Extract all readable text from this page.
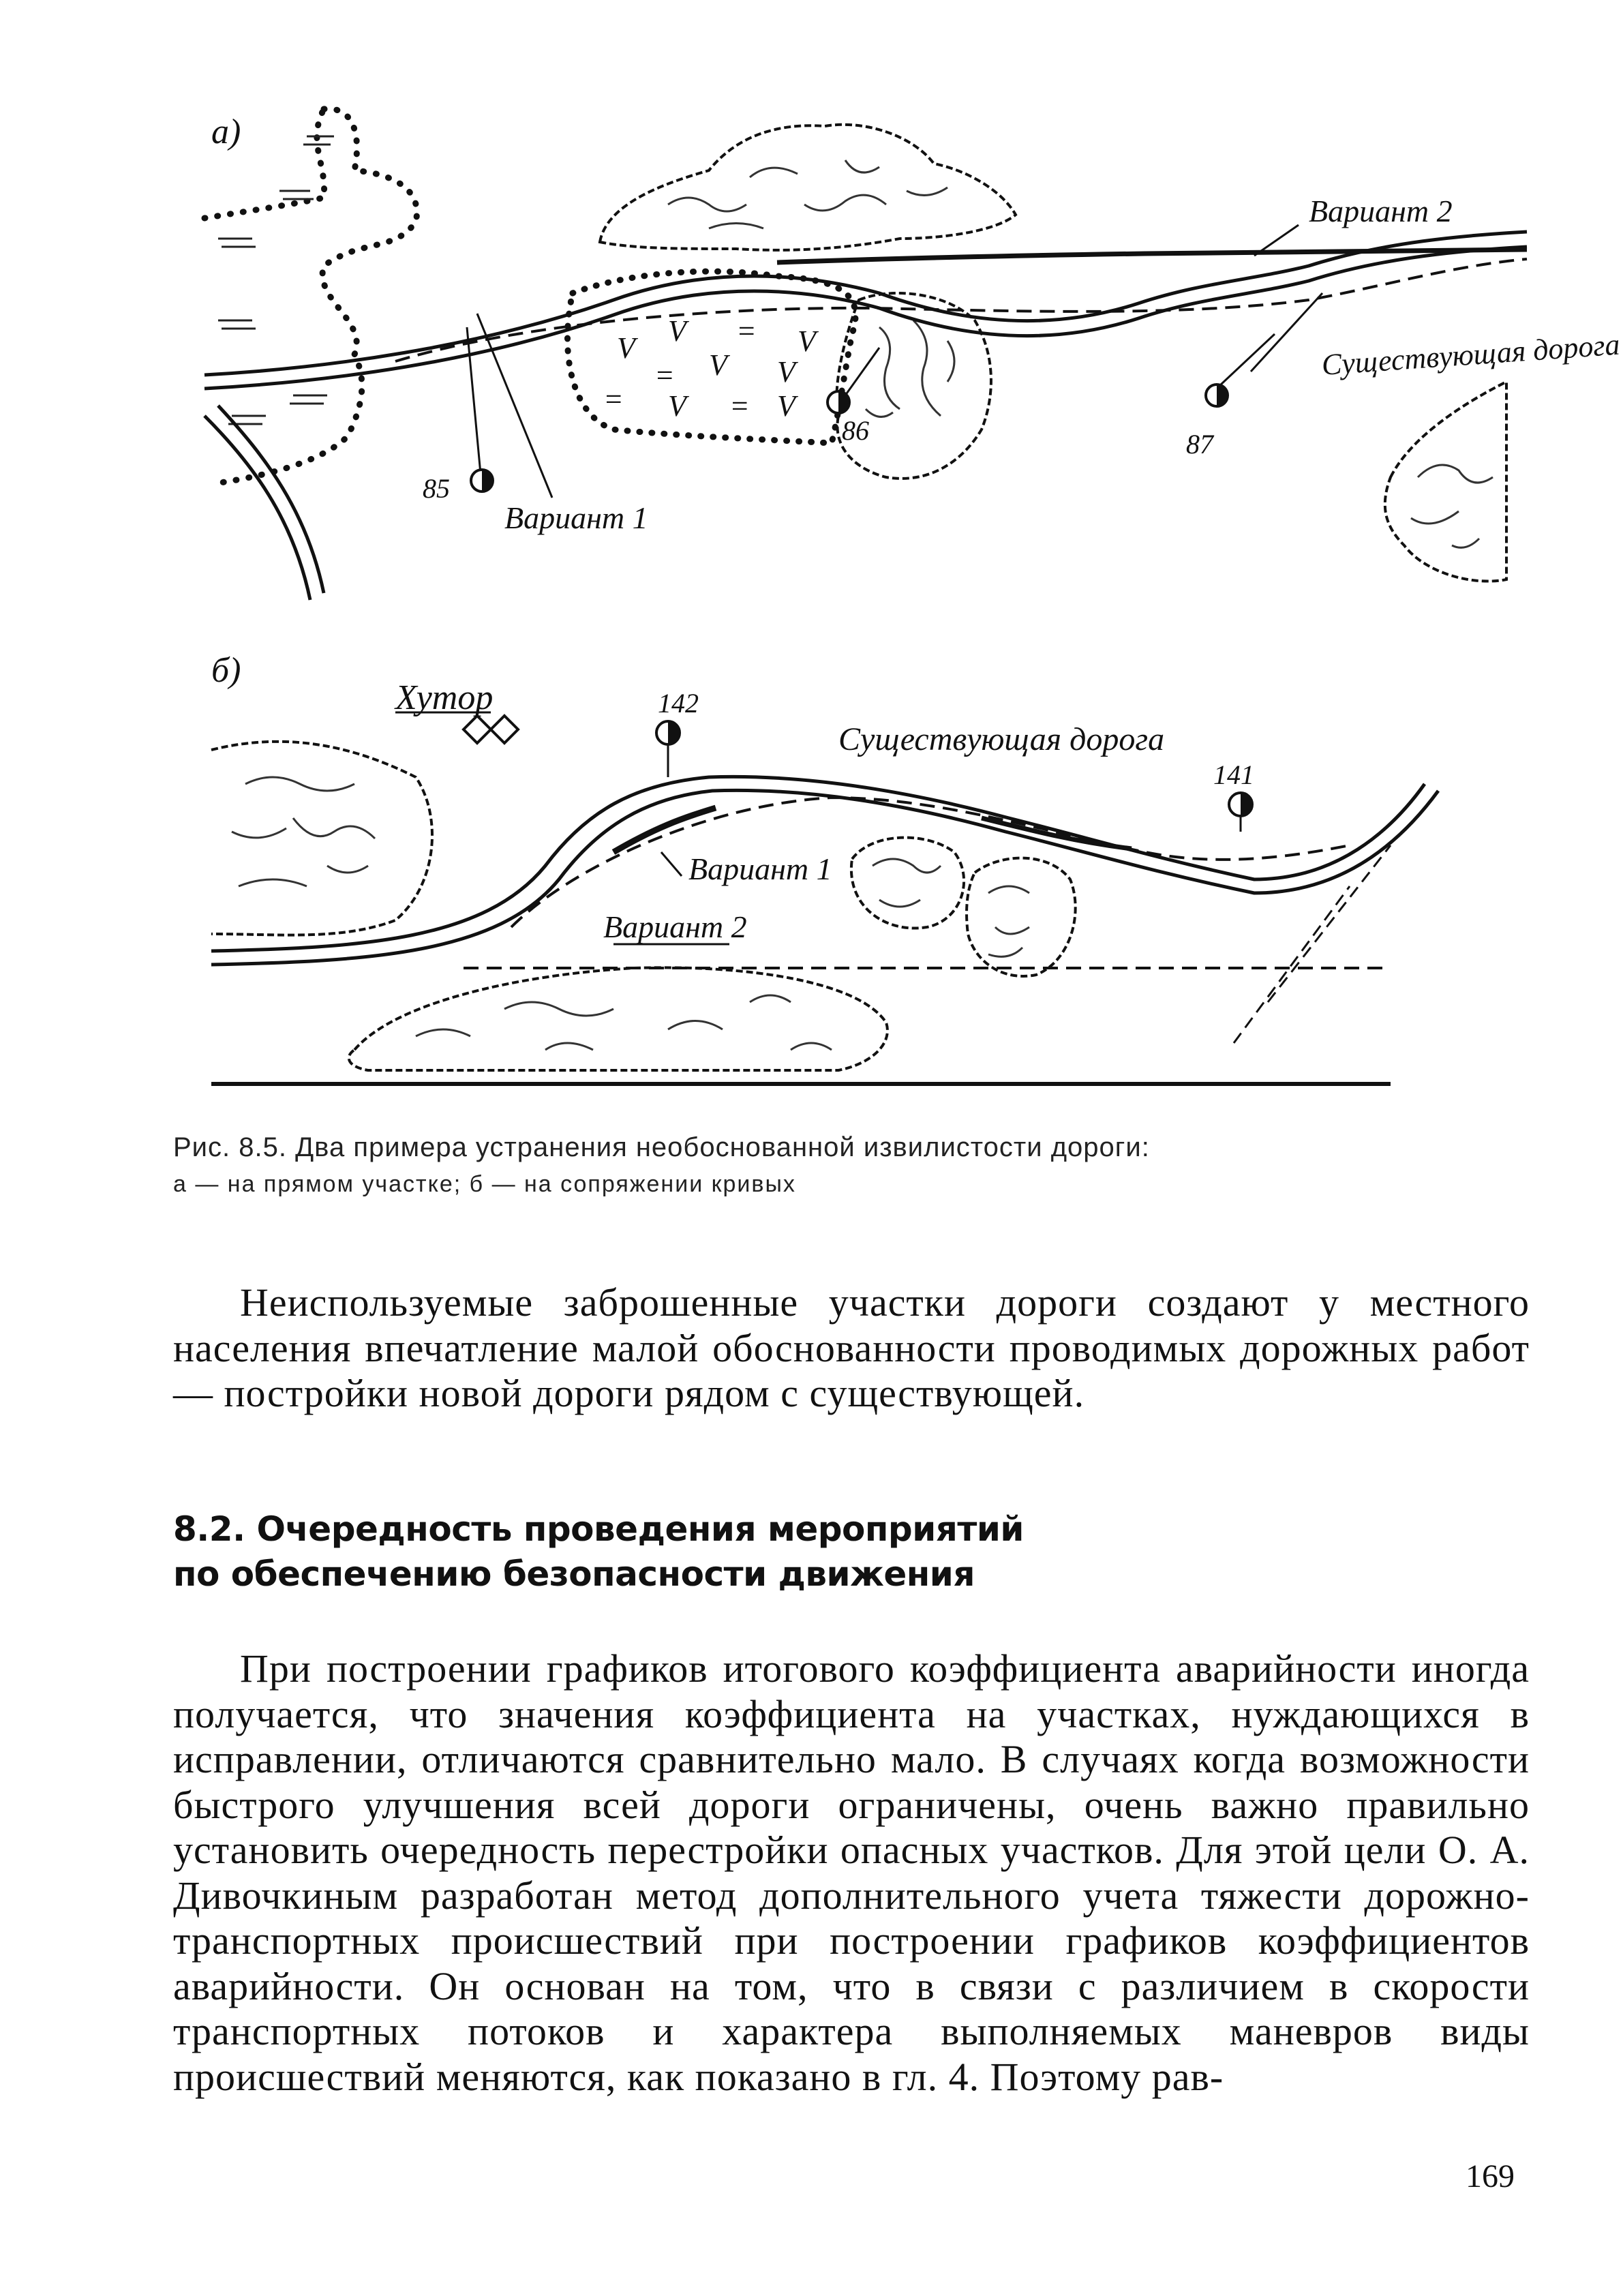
а)
V
V = V
= V V
V = V
=
Вариант 2
Вариант 1
Существующая дорога
85
86	87
б)
Хутор
Существующая дорога
Вариант 1
Вариант 2
142
141
Рис. 8.5. Два примера устранения необоснованной извилистости дороги:
а — на прямом участке; б — на сопряжении кривых

Неиспользуемые заброшенные участки дороги создают у местного населения впечатление малой обоснованности проводимых дорожных работ — постройки новой дороги рядом с существующей.

8.2. Очередность проведения мероприятий
по обеспечению безопасности движения

При построении графиков итогового коэффициента аварийности иногда получается, что значения коэффициента на участках, нуждающихся в исправлении, отличаются сравнительно мало. В случаях когда возможности быстрого улучшения всей дороги ограничены, очень важно правильно установить очередность перестройки опасных участков. Для этой цели О. А. Дивочкиным разработан метод дополнительного учета тяжести дорожно-транспортных происшествий при построении графиков коэффициентов аварийности. Он основан на том, что в связи с различием в скорости транспортных потоков и характера выполняемых маневров виды происшествий меняются, как показано в гл. 4. Поэтому рав-

169
